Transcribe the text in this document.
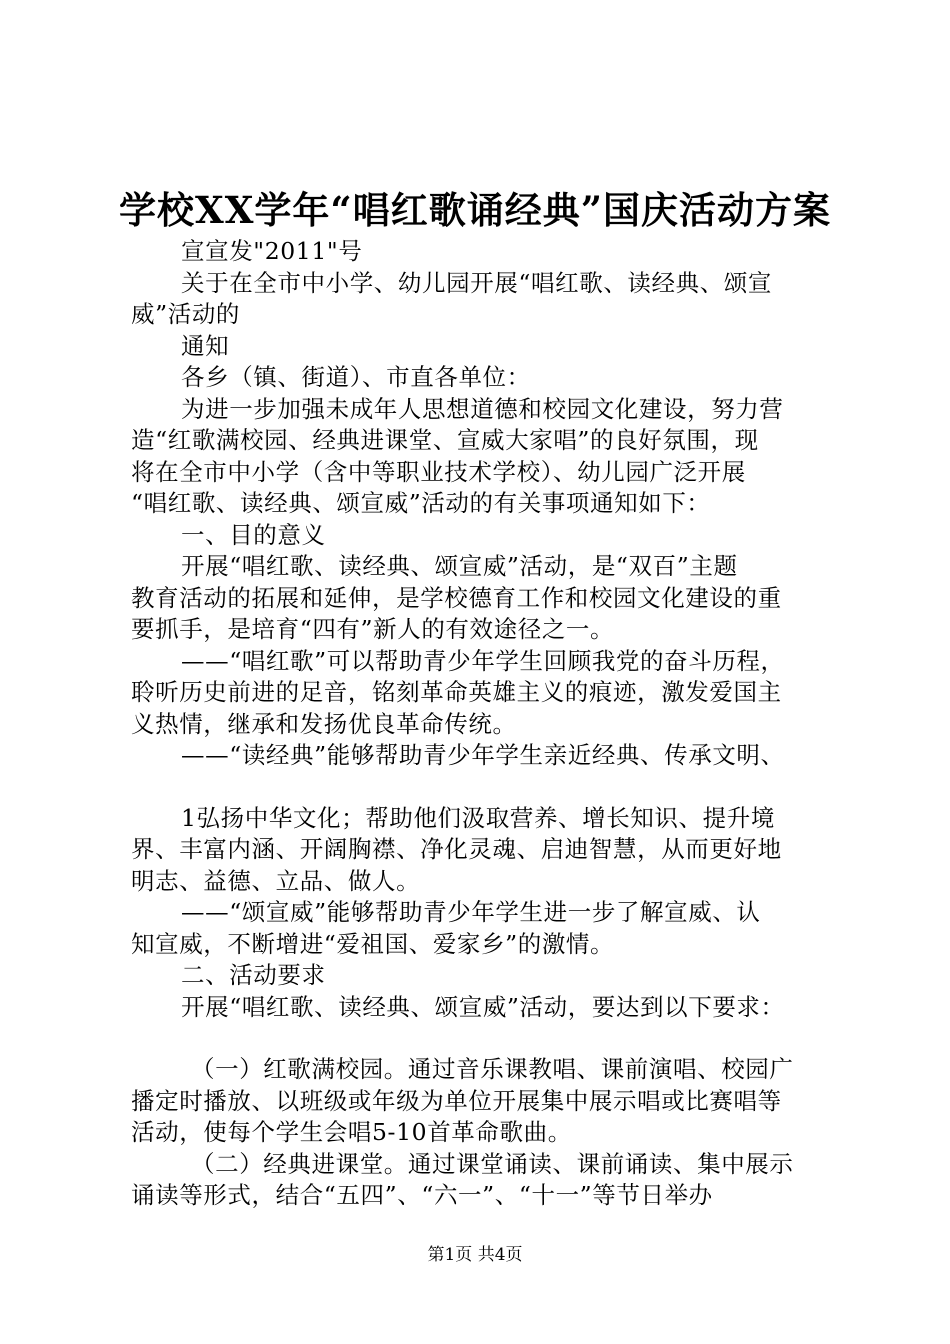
学校XX学年“唱红歌诵经典”国庆活动方案
宣宣发"2011"号
关于在全市中小学、幼儿园开展“唱红歌、读经典、颂宣
威”活动的
通知
各乡（镇、街道）、市直各单位：
为进一步加强未成年人思想道德和校园文化建设，努力营
造“红歌满校园、经典进课堂、宣威大家唱”的良好氛围，现
将在全市中小学（含中等职业技术学校）、幼儿园广泛开展
“唱红歌、读经典、颂宣威”活动的有关事项通知如下：
一、目的意义
开展“唱红歌、读经典、颂宣威”活动，是“双百”主题
教育活动的拓展和延伸，是学校德育工作和校园文化建设的重
要抓手，是培育“四有”新人的有效途径之一。
——“唱红歌”可以帮助青少年学生回顾我党的奋斗历程，
聆听历史前进的足音，铭刻革命英雄主义的痕迹，激发爱国主
义热情，继承和发扬优良革命传统。
——“读经典”能够帮助青少年学生亲近经典、传承文明、
1弘扬中华文化；帮助他们汲取营养、增长知识、提升境
界、丰富内涵、开阔胸襟、净化灵魂、启迪智慧，从而更好地
明志、益德、立品、做人。
——“颂宣威”能够帮助青少年学生进一步了解宣威、认
知宣威，不断增进“爱祖国、爱家乡”的激情。
二、活动要求
开展“唱红歌、读经典、颂宣威”活动，要达到以下要求：
（一）红歌满校园。通过音乐课教唱、课前演唱、校园广
播定时播放、以班级或年级为单位开展集中展示唱或比赛唱等
活动，使每个学生会唱5-10首革命歌曲。
（二）经典进课堂。通过课堂诵读、课前诵读、集中展示
诵读等形式，结合“五四”、“六一”、“十一”等节日举办
第1页 共4页
